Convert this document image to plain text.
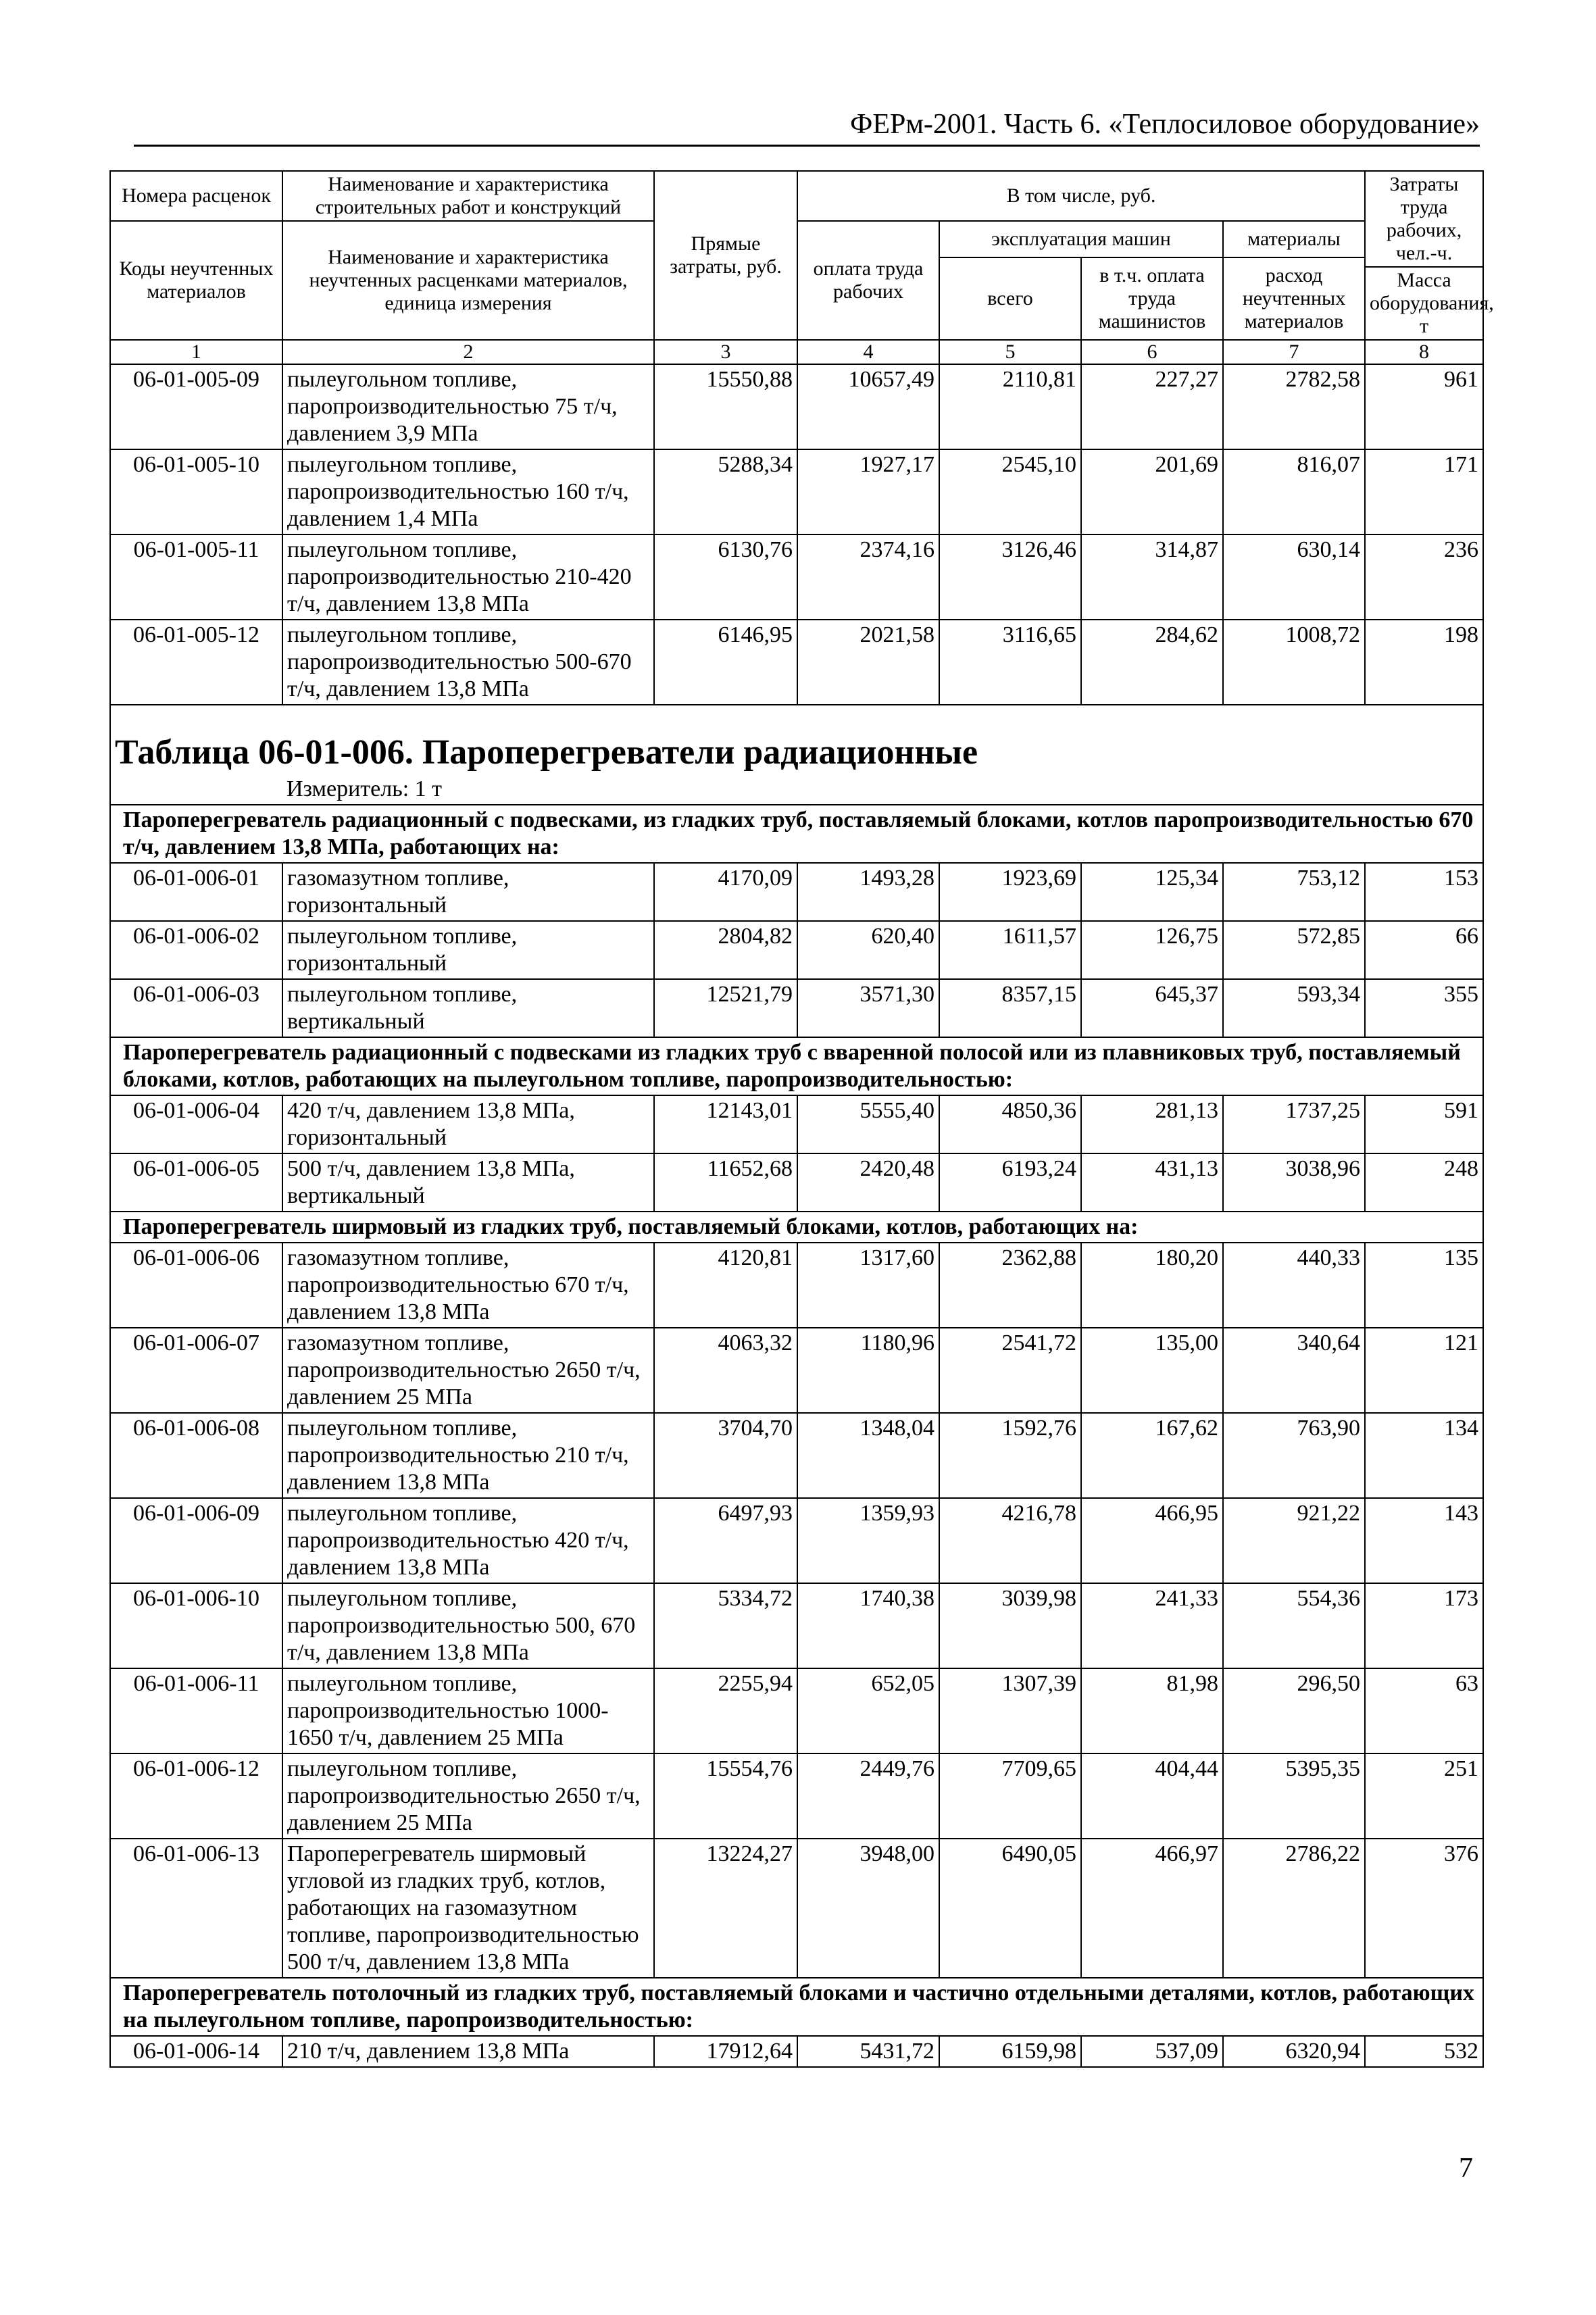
ФЕРм-2001. Часть 6. «Теплосиловое оборудование»
Номера расценок	Наименование и характеристика строительных работ и конструкций	Прямые затраты, руб.	В том числе, руб.				Затраты труда рабочих, чел.-ч.
Коды неучтенных материалов	Наименование и характеристика неучтенных расценками материалов, единица измерения		оплата труда рабочих	эксплуатация машин		материалы	
				всего	в т.ч. оплата труда машинистов	расход неучтенных материалов	
							Масса оборудования, т
1	2	3	4	5	6	7	8
06-01-005-09	пылеугольном топливе, паропроизводительностью 75 т/ч, давлением 3,9 МПа	15550,88	10657,49	2110,81	227,27	2782,58	961
06-01-005-10	пылеугольном топливе, паропроизводительностью 160 т/ч, давлением 1,4 МПа	5288,34	1927,17	2545,10	201,69	816,07	171
06-01-005-11	пылеугольном топливе, паропроизводительностью 210-420 т/ч, давлением 13,8 МПа	6130,76	2374,16	3126,46	314,87	630,14	236
06-01-005-12	пылеугольном топливе, паропроизводительностью 500-670 т/ч, давлением 13,8 МПа	6146,95	2021,58	3116,65	284,62	1008,72	198
Таблица 06-01-006. Пароперегреватели радиационные							
Измеритель: 1 т							
Пароперегреватель радиационный с подвесками, из гладких труб, поставляемый блоками, котлов паропроизводительностью 670 т/ч, давлением 13,8 МПа, работающих на:							
06-01-006-01	газомазутном топливе, горизонтальный	4170,09	1493,28	1923,69	125,34	753,12	153
06-01-006-02	пылеугольном топливе, горизонтальный	2804,82	620,40	1611,57	126,75	572,85	66
06-01-006-03	пылеугольном топливе, вертикальный	12521,79	3571,30	8357,15	645,37	593,34	355
Пароперегреватель радиационный с подвесками из гладких труб с вваренной полосой или из плавниковых труб, поставляемый блоками, котлов, работающих на пылеугольном топливе, паропроизводительностью:							
06-01-006-04	420 т/ч, давлением 13,8 МПа, горизонтальный	12143,01	5555,40	4850,36	281,13	1737,25	591
06-01-006-05	500 т/ч, давлением 13,8 МПа, вертикальный	11652,68	2420,48	6193,24	431,13	3038,96	248
Пароперегреватель ширмовый из гладких труб, поставляемый блоками, котлов, работающих на:							
06-01-006-06	газомазутном топливе, паропроизводительностью 670 т/ч, давлением 13,8 МПа	4120,81	1317,60	2362,88	180,20	440,33	135
06-01-006-07	газомазутном топливе, паропроизводительностью 2650 т/ч, давлением 25 МПа	4063,32	1180,96	2541,72	135,00	340,64	121
06-01-006-08	пылеугольном топливе, паропроизводительностью 210 т/ч, давлением 13,8 МПа	3704,70	1348,04	1592,76	167,62	763,90	134
06-01-006-09	пылеугольном топливе, паропроизводительностью 420 т/ч, давлением 13,8 МПа	6497,93	1359,93	4216,78	466,95	921,22	143
06-01-006-10	пылеугольном топливе, паропроизводительностью 500, 670 т/ч, давлением 13,8 МПа	5334,72	1740,38	3039,98	241,33	554,36	173
06-01-006-11	пылеугольном топливе, паропроизводительностью 1000-1650 т/ч, давлением 25 МПа	2255,94	652,05	1307,39	81,98	296,50	63
06-01-006-12	пылеугольном топливе, паропроизводительностью 2650 т/ч, давлением 25 МПа	15554,76	2449,76	7709,65	404,44	5395,35	251
06-01-006-13	Пароперегреватель ширмовый угловой из гладких труб, котлов, работающих на газомазутном топливе, паропроизводительностью 500 т/ч, давлением 13,8 МПа	13224,27	3948,00	6490,05	466,97	2786,22	376
Пароперегреватель потолочный из гладких труб, поставляемый блоками и частично отдельными деталями, котлов, работающих на пылеугольном топливе, паропроизводительностью:							
06-01-006-14	210 т/ч, давлением 13,8 МПа	17912,64	5431,72	6159,98	537,09	6320,94	532
7
